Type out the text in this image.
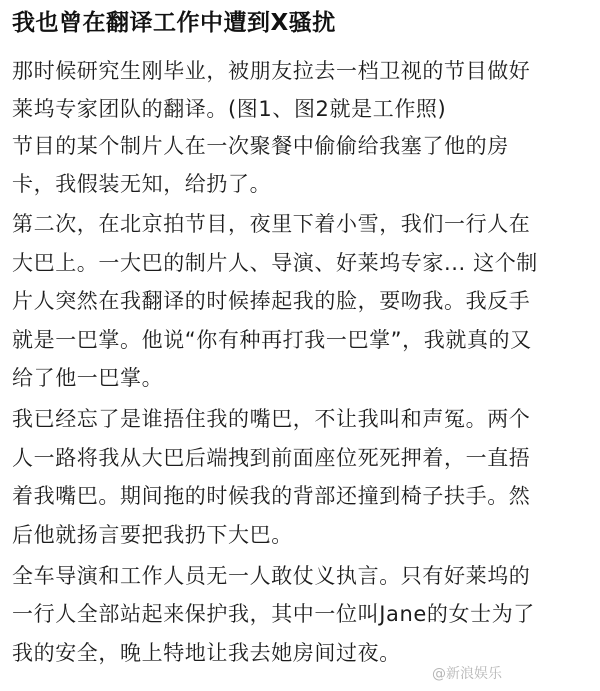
我也曾在翻译工作中遭到X骚扰
那时候研究生刚毕业，被朋友拉去一档卫视的节目做好
莱坞专家团队的翻译。(图1、图2就是工作照)
节目的某个制片人在一次聚餐中偷偷给我塞了他的房
卡，我假装无知，给扔了。
第二次，在北京拍节目，夜里下着小雪，我们一行人在
大巴上。一大巴的制片人、导演、好莱坞专家... 这个制
片人突然在我翻译的时候捧起我的脸，要吻我。我反手
就是一巴掌。他说“你有种再打我一巴掌”，我就真的又
给了他一巴掌。
我已经忘了是谁捂住我的嘴巴，不让我叫和声冤。两个
人一路将我从大巴后端拽到前面座位死死押着，一直捂
着我嘴巴。期间拖的时候我的背部还撞到椅子扶手。然
后他就扬言要把我扔下大巴。
全车导演和工作人员无一人敢仗义执言。只有好莱坞的
一行人全部站起来保护我，其中一位叫Jane的女士为了
我的安全，晚上特地让我去她房间过夜。
@新浪娱乐
